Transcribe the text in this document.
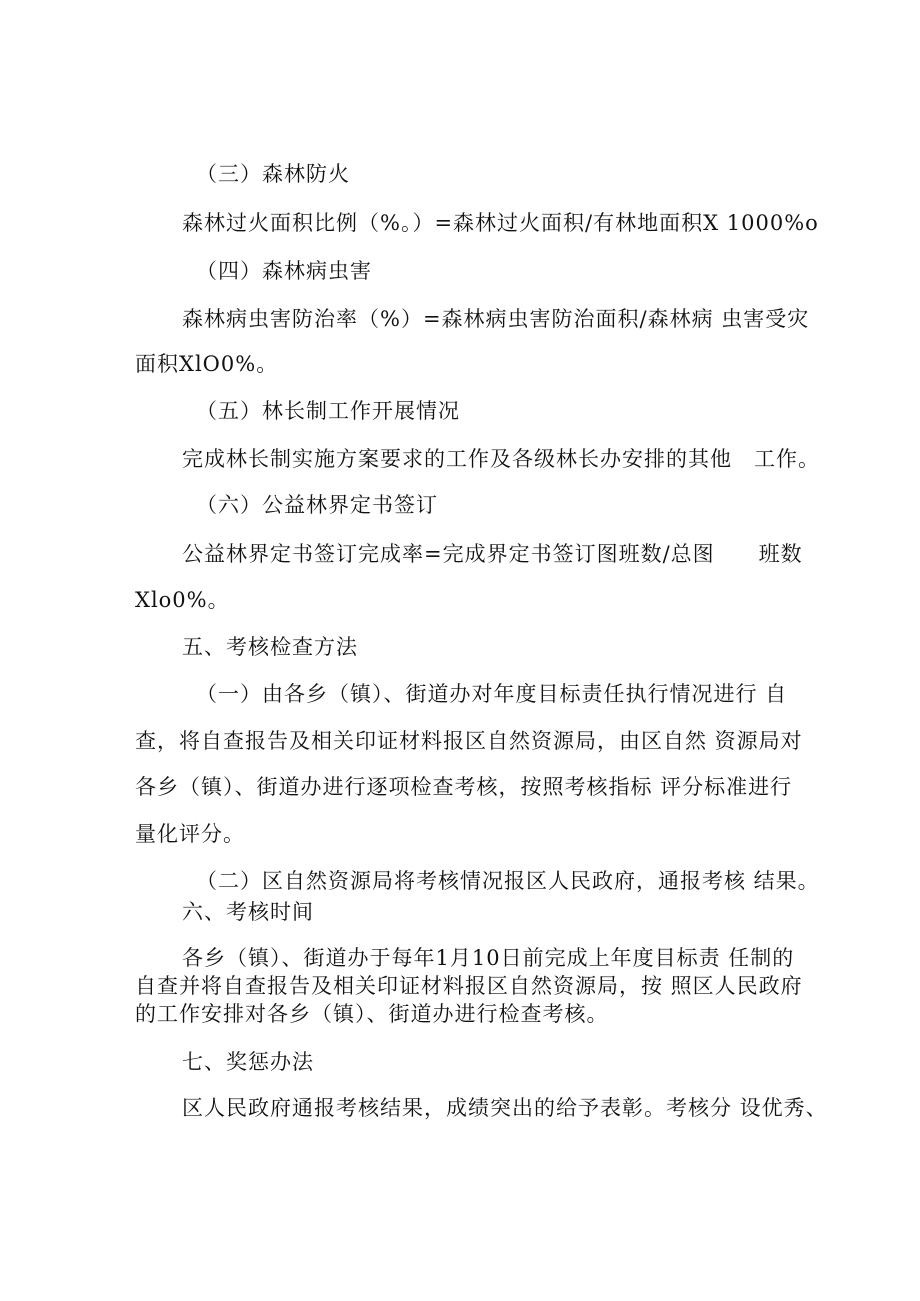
（三）森林防火

森林过火面积比例（%。）=森林过火面积/有林地面积X 1000%o

（四）森林病虫害

森林病虫害防治率（%）=森林病虫害防治面积/森林病 虫害受灾

面积XlO0%。

（五）林长制工作开展情况

完成林长制实施方案要求的工作及各级林长办安排的其他　工作。

（六）公益林界定书签订

公益林界定书签订完成率=完成界定书签订图班数/总图　　班数

Xlo0%。

五、考核检查方法

（一）由各乡（镇）、街道办对年度目标责任执行情况进行 自

查，将自查报告及相关印证材料报区自然资源局，由区自然 资源局对

各乡（镇）、街道办进行逐项检查考核，按照考核指标 评分标准进行

量化评分。

（二）区自然资源局将考核情况报区人民政府，通报考核 结果。

六、考核时间

各乡（镇）、街道办于每年1月10日前完成上年度目标责 任制的

自查并将自查报告及相关印证材料报区自然资源局，按 照区人民政府

的工作安排对各乡（镇）、街道办进行检查考核。

七、奖惩办法

区人民政府通报考核结果，成绩突出的给予表彰。考核分 设优秀、
